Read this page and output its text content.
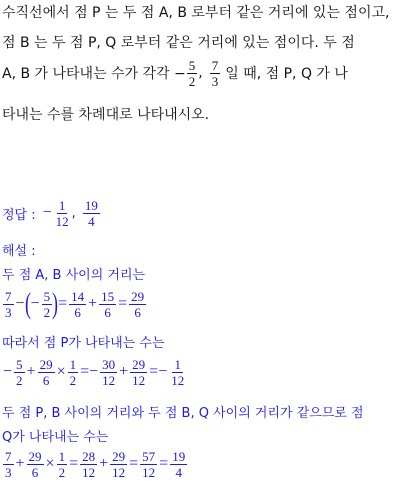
수직선에서 점 P 는 두 점 A, B 로부터 같은 거리에 있는 점이고,
점 B 는 두 점 P, Q 로부터 같은 거리에 있는 점이다. 두 점
A, B 가 나타내는 수가 각각 − $\frac{5}{2}$ , $\frac{7}{3}$ 일 때, 점 P, Q 가 나
타내는 수를 차례대로 나타내시오.
정답 : − $\frac{1}{12}$ , $\frac{19}{4}$
해설 :
두 점 A, B 사이의 거리는
$\frac{7}{3}$ − ( − $\frac{5}{2}$ ) = $\frac{14}{6} + \frac{15}{6} = \frac{29}{6}$
따라서 점 P가 나타내는 수는
− $\frac{5}{2} + \frac{29}{6} \times \frac{1}{2} =- \frac{30}{12} + \frac{29}{12} =- \frac{1}{12}$
두 점 P, B 사이의 거리와 두 점 B, Q 사이의 거리가 같으므로 점
Q가 나타내는 수는
$\frac{7}{3} + \frac{29}{6} \times \frac{1}{2} = \frac{28}{12} + \frac{29}{12} = \frac{57}{12} = \frac{19}{4}$
